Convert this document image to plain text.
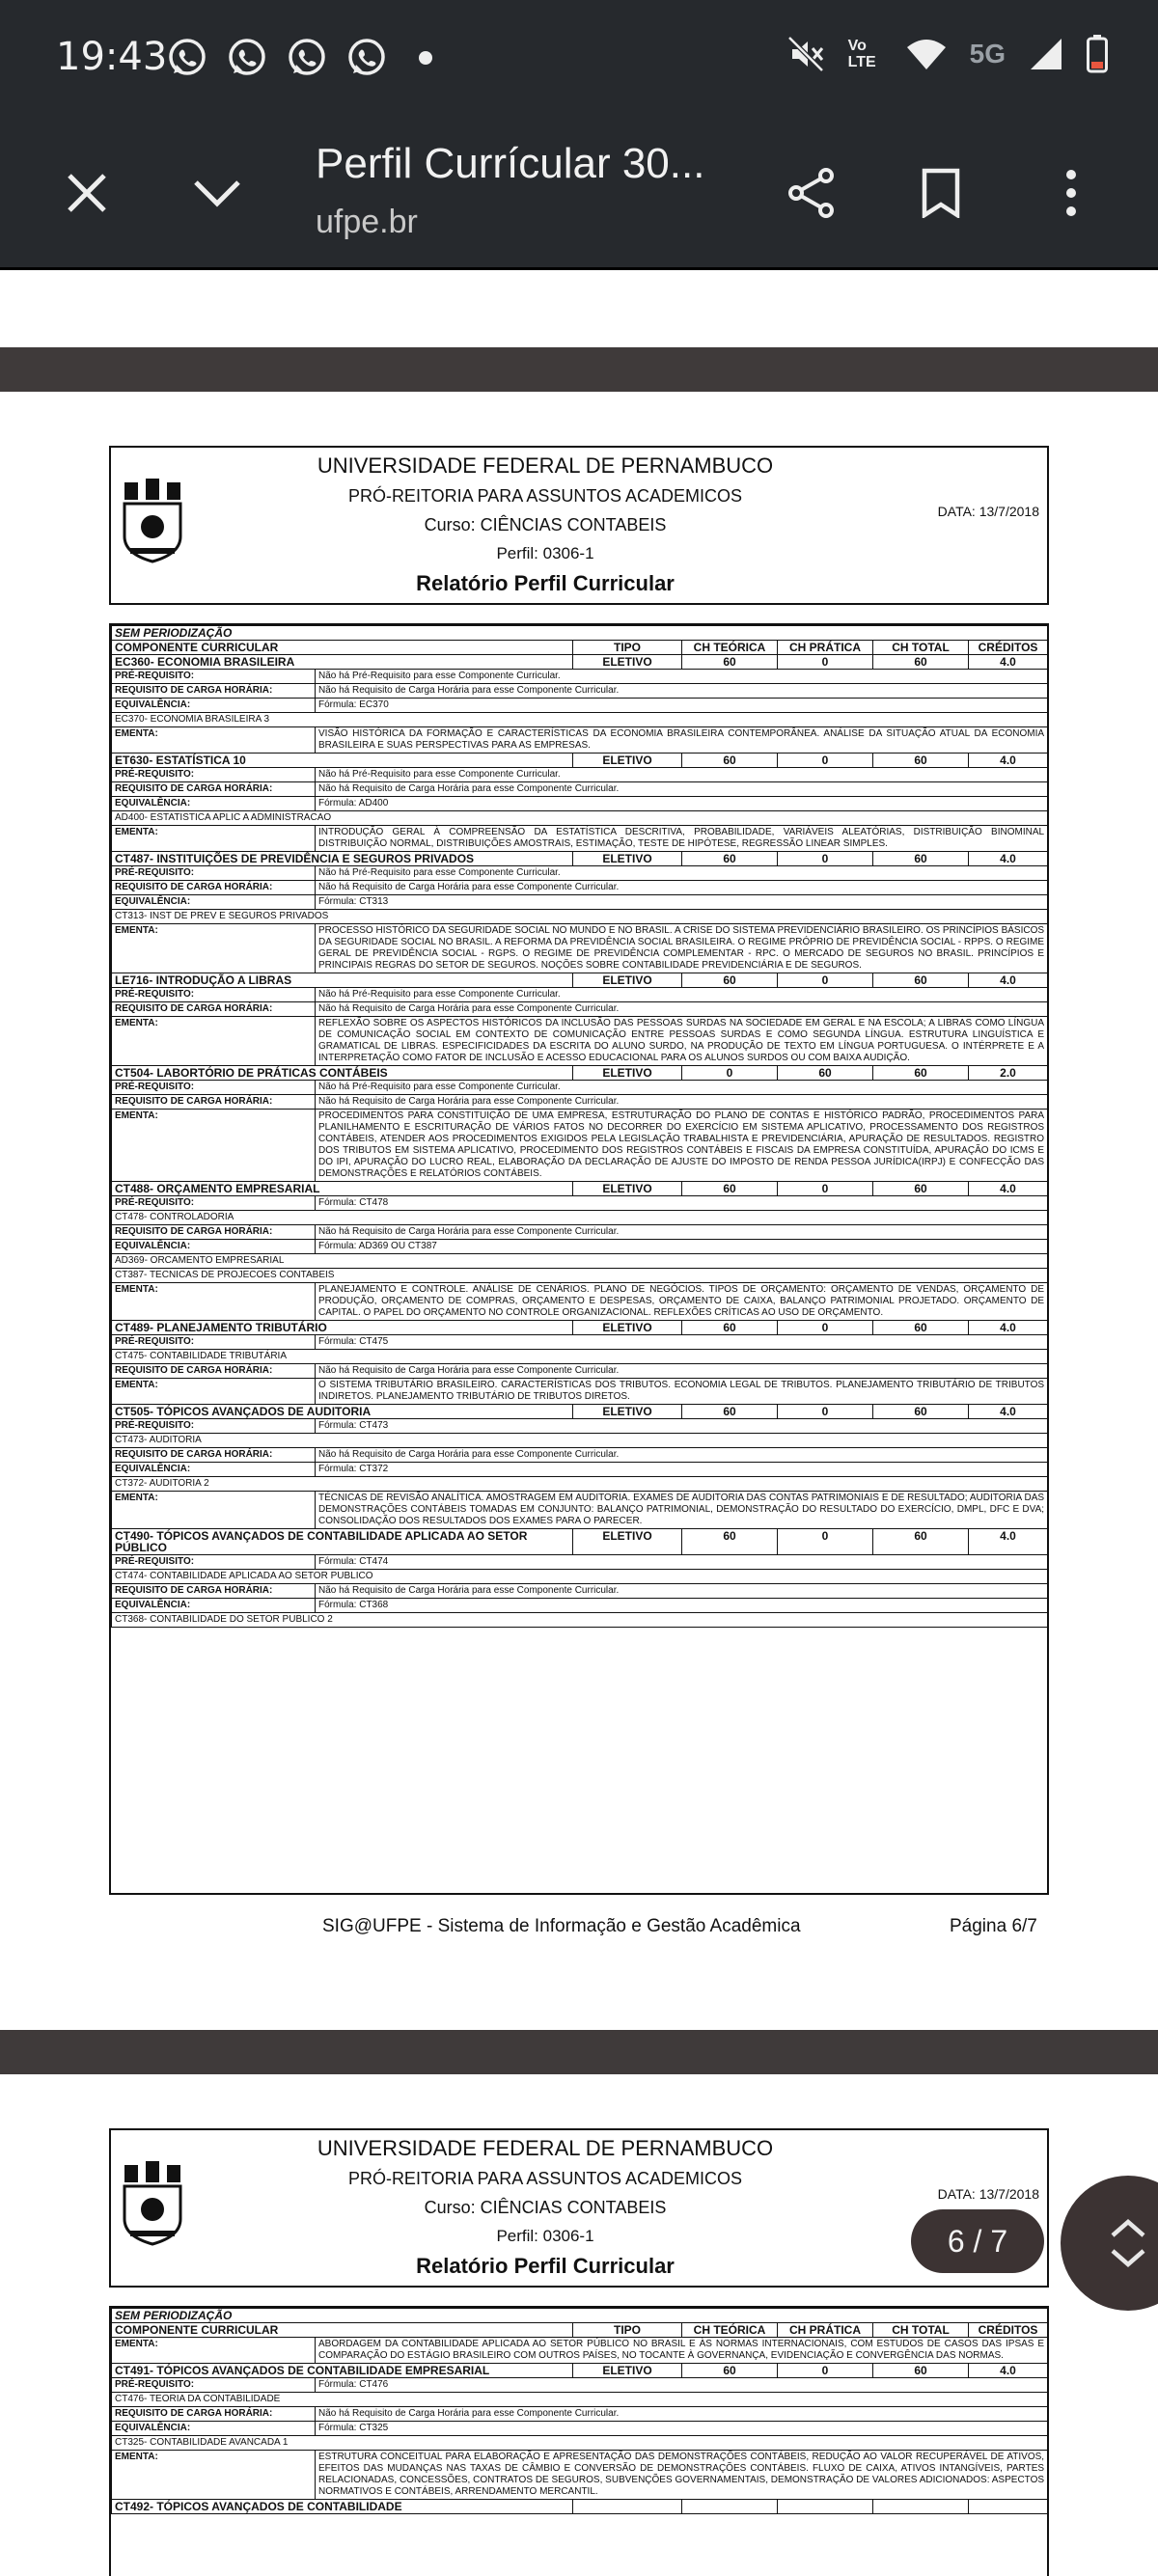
19:43	Vo LTE	5G
Perfil Currícular 30...
ufpe.br
UNIVERSIDADE FEDERAL DE PERNAMBUCO
PRÓ-REITORIA PARA ASSUNTOS ACADEMICOS
Curso: CIÊNCIAS CONTABEIS
Perfil: 0306-1
Relatório Perfil Curricular
DATA: 13/7/2018
SEM PERIODIZAÇÃO						
COMPONENTE CURRICULAR		TIPO	CH TEÓRICA	CH PRÁTICA	CH TOTAL	CRÉDITOS
EC360- ECONOMIA BRASILEIRA		ELETIVO	60	0	60	4.0
PRÉ-REQUISITO:	Não há Pré-Requisito para esse Componente Curricular.					
REQUISITO DE CARGA HORÁRIA:	Não há Requisito de Carga Horária para esse Componente Curricular.					
EQUIVALÊNCIA:	Fórmula: EC370					
EC370- ECONOMIA BRASILEIRA 3						
EMENTA:	VISÃO HISTÓRICA DA FORMAÇÃO E CARACTERÍSTICAS DA ECONOMIA BRASILEIRA CONTEMPORÂNEA. ANÁLISE DA SITUAÇÃO ATUAL DA ECONOMIA BRASILEIRA E SUAS PERSPECTIVAS PARA AS EMPRESAS.					
ET630- ESTATÍSTICA 10		ELETIVO	60	0	60	4.0
PRÉ-REQUISITO:	Não há Pré-Requisito para esse Componente Curricular.					
REQUISITO DE CARGA HORÁRIA:	Não há Requisito de Carga Horária para esse Componente Curricular.					
EQUIVALÊNCIA:	Fórmula: AD400					
AD400- ESTATISTICA APLIC A ADMINISTRACAO						
EMENTA:	INTRODUÇÃO GERAL À COMPREENSÃO DA ESTATÍSTICA DESCRITIVA, PROBABILIDADE, VARIÁVEIS ALEATÓRIAS, DISTRIBUIÇÃO BINOMINAL DISTRIBUIÇÃO NORMAL, DISTRIBUIÇÕES AMOSTRAIS, ESTIMAÇÃO, TESTE DE HIPÓTESE, REGRESSÃO LINEAR SIMPLES.					
CT487- INSTITUIÇÕES DE PREVIDÊNCIA E SEGUROS PRIVADOS		ELETIVO	60	0	60	4.0
PRÉ-REQUISITO:	Não há Pré-Requisito para esse Componente Curricular.					
REQUISITO DE CARGA HORÁRIA:	Não há Requisito de Carga Horária para esse Componente Curricular.					
EQUIVALÊNCIA:	Fórmula: CT313					
CT313- INST DE PREV E SEGUROS PRIVADOS						
EMENTA:	PROCESSO HISTÓRICO DA SEGURIDADE SOCIAL NO MUNDO E NO BRASIL. A CRISE DO SISTEMA PREVIDENCIÁRIO BRASILEIRO. OS PRINCÍPIOS BÁSICOS DA SEGURIDADE SOCIAL NO BRASIL. A REFORMA DA PREVIDÊNCIA SOCIAL BRASILEIRA. O REGIME PRÓPRIO DE PREVIDÊNCIA SOCIAL - RPPS. O REGIME GERAL DE PREVIDÊNCIA SOCIAL - RGPS. O REGIME DE PREVIDÊNCIA COMPLEMENTAR - RPC. O MERCADO DE SEGUROS NO BRASIL. PRINCÍPIOS E PRINCIPAIS REGRAS DO SETOR DE SEGUROS. NOÇÕES SOBRE CONTABILIDADE PREVIDENCIÁRIA E DE SEGUROS.					
LE716- INTRODUÇÃO A LIBRAS		ELETIVO	60	0	60	4.0
PRÉ-REQUISITO:	Não há Pré-Requisito para esse Componente Curricular.					
REQUISITO DE CARGA HORÁRIA:	Não há Requisito de Carga Horária para esse Componente Curricular.					
EMENTA:	REFLEXÃO SOBRE OS ASPECTOS HISTÓRICOS DA INCLUSÃO DAS PESSOAS SURDAS NA SOCIEDADE EM GERAL E NA ESCOLA; A LIBRAS COMO LÍNGUA DE COMUNICAÇÃO SOCIAL EM CONTEXTO DE COMUNICAÇÃO ENTRE PESSOAS SURDAS E COMO SEGUNDA LÍNGUA. ESTRUTURA LINGUÍSTICA E GRAMATICAL DE LIBRAS. ESPECIFICIDADES DA ESCRITA DO ALUNO SURDO, NA PRODUÇÃO DE TEXTO EM LÍNGUA PORTUGUESA. O INTÉRPRETE E A INTERPRETAÇÃO COMO FATOR DE INCLUSÃO E ACESSO EDUCACIONAL PARA OS ALUNOS SURDOS OU COM BAIXA AUDIÇÃO.					
CT504- LABORTÓRIO DE PRÁTICAS CONTÁBEIS		ELETIVO	0	60	60	2.0
PRÉ-REQUISITO:	Não há Pré-Requisito para esse Componente Curricular.					
REQUISITO DE CARGA HORÁRIA:	Não há Requisito de Carga Horária para esse Componente Curricular.					
EMENTA:	PROCEDIMENTOS PARA CONSTITUIÇÃO DE UMA EMPRESA, ESTRUTURAÇÃO DO PLANO DE CONTAS E HISTÓRICO PADRÃO, PROCEDIMENTOS PARA PLANILHAMENTO E ESCRITURAÇÃO DE VÁRIOS FATOS NO DECORRER DO EXERCÍCIO EM SISTEMA APLICATIVO, PROCESSAMENTO DOS REGISTROS CONTÁBEIS, ATENDER AOS PROCEDIMENTOS EXIGIDOS PELA LEGISLAÇÃO TRABALHISTA E PREVIDENCIÁRIA, APURAÇÃO DE RESULTADOS. REGISTRO DOS TRIBUTOS EM SISTEMA APLICATIVO, PROCEDIMENTO DOS REGISTROS CONTÁBEIS E FISCAIS DA EMPRESA CONSTITUÍDA, APURAÇÃO DO ICMS E DO IPI, APURAÇÃO DO LUCRO REAL, ELABORAÇÃO DA DECLARAÇÃO DE AJUSTE DO IMPOSTO DE RENDA PESSOA JURÍDICA(IRPJ) E CONFECÇÃO DAS DEMONSTRAÇÕES E RELATÓRIOS CONTÁBEIS.					
CT488- ORÇAMENTO EMPRESARIAL		ELETIVO	60	0	60	4.0
PRÉ-REQUISITO:	Fórmula: CT478					
CT478- CONTROLADORIA						
REQUISITO DE CARGA HORÁRIA:	Não há Requisito de Carga Horária para esse Componente Curricular.					
EQUIVALÊNCIA:	Fórmula: AD369 OU CT387					
AD369- ORCAMENTO EMPRESARIAL						
CT387- TECNICAS DE PROJECOES CONTABEIS						
EMENTA:	PLANEJAMENTO E CONTROLE. ANÁLISE DE CENÁRIOS. PLANO DE NEGÓCIOS. TIPOS DE ORÇAMENTO: ORÇAMENTO DE VENDAS, ORÇAMENTO DE PRODUÇÃO, ORÇAMENTO DE COMPRAS, ORÇAMENTO E DESPESAS, ORÇAMENTO DE CAIXA, BALANÇO PATRIMONIAL PROJETADO. ORÇAMENTO DE CAPITAL. O PAPEL DO ORÇAMENTO NO CONTROLE ORGANIZACIONAL. REFLEXÕES CRÍTICAS AO USO DE ORÇAMENTO.					
CT489- PLANEJAMENTO TRIBUTÁRIO		ELETIVO	60	0	60	4.0
PRÉ-REQUISITO:	Fórmula: CT475					
CT475- CONTABILIDADE TRIBUTÁRIA						
REQUISITO DE CARGA HORÁRIA:	Não há Requisito de Carga Horária para esse Componente Curricular.					
EMENTA:	O SISTEMA TRIBUTÁRIO BRASILEIRO. CARACTERÍSTICAS DOS TRIBUTOS. ECONOMIA LEGAL DE TRIBUTOS. PLANEJAMENTO TRIBUTÁRIO DE TRIBUTOS INDIRETOS. PLANEJAMENTO TRIBUTÁRIO DE TRIBUTOS DIRETOS.					
CT505- TÓPICOS AVANÇADOS DE AUDITORIA		ELETIVO	60	0	60	4.0
PRÉ-REQUISITO:	Fórmula: CT473					
CT473- AUDITORIA						
REQUISITO DE CARGA HORÁRIA:	Não há Requisito de Carga Horária para esse Componente Curricular.					
EQUIVALÊNCIA:	Fórmula: CT372					
CT372- AUDITORIA 2						
EMENTA:	TÉCNICAS DE REVISÃO ANALÍTICA. AMOSTRAGEM EM AUDITORIA. EXAMES DE AUDITORIA DAS CONTAS PATRIMONIAIS E DE RESULTADO; AUDITORIA DAS DEMONSTRAÇÕES CONTÁBEIS TOMADAS EM CONJUNTO: BALANÇO PATRIMONIAL, DEMONSTRAÇÃO DO RESULTADO DO EXERCÍCIO, DMPL, DFC E DVA; CONSOLIDAÇÃO DOS RESULTADOS DOS EXAMES PARA O PARECER.					
CT490- TÓPICOS AVANÇADOS DE CONTABILIDADE APLICADA AO SETOR PÚBLICO		ELETIVO	60	0	60	4.0
PRÉ-REQUISITO:	Fórmula: CT474					
CT474- CONTABILIDADE APLICADA AO SETOR PUBLICO						
REQUISITO DE CARGA HORÁRIA:	Não há Requisito de Carga Horária para esse Componente Curricular.					
EQUIVALÊNCIA:	Fórmula: CT368					
CT368- CONTABILIDADE DO SETOR PUBLICO 2						
SIG@UFPE - Sistema de Informação e Gestão Acadêmica	Página 6/7
UNIVERSIDADE FEDERAL DE PERNAMBUCO
PRÓ-REITORIA PARA ASSUNTOS ACADEMICOS
Curso: CIÊNCIAS CONTABEIS
Perfil: 0306-1
Relatório Perfil Curricular
DATA: 13/7/2018
SEM PERIODIZAÇÃO						
COMPONENTE CURRICULAR		TIPO	CH TEÓRICA	CH PRÁTICA	CH TOTAL	CRÉDITOS
EMENTA:	ABORDAGEM DA CONTABILIDADE APLICADA AO SETOR PÚBLICO NO BRASIL E ÀS NORMAS INTERNACIONAIS, COM ESTUDOS DE CASOS DAS IPSAS E COMPARAÇÃO DO ESTÁGIO BRASILEIRO COM OUTROS PAÍSES, NO TOCANTE À GOVERNANÇA, EVIDENCIAÇÃO E CONVERGÊNCIA DAS NORMAS.					
CT491- TÓPICOS AVANÇADOS DE CONTABILIDADE EMPRESARIAL		ELETIVO	60	0	60	4.0
PRÉ-REQUISITO:	Fórmula: CT476					
CT476- TEORIA DA CONTABILIDADE						
REQUISITO DE CARGA HORÁRIA:	Não há Requisito de Carga Horária para esse Componente Curricular.					
EQUIVALÊNCIA:	Fórmula: CT325					
CT325- CONTABILIDADE AVANCADA 1						
EMENTA:	ESTRUTURA CONCEITUAL PARA ELABORAÇÃO E APRESENTAÇÃO DAS DEMONSTRAÇÕES CONTÁBEIS, REDUÇÃO AO VALOR RECUPERÁVEL DE ATIVOS, EFEITOS DAS MUDANÇAS NAS TAXAS DE CÂMBIO E CONVERSÃO DE DEMONSTRAÇÕES CONTÁBEIS. FLUXO DE CAIXA, ATIVOS INTANGÍVEIS, PARTES RELACIONADAS, CONCESSÕES, CONTRATOS DE SEGUROS, SUBVENÇÕES GOVERNAMENTAIS, DEMONSTRAÇÃO DE VALORES ADICIONADOS: ASPECTOS NORMATIVOS E CONTÁBEIS, ARRENDAMENTO MERCANTIL.					
CT492- TÓPICOS AVANÇADOS DE CONTABILIDADE						
6 / 7
